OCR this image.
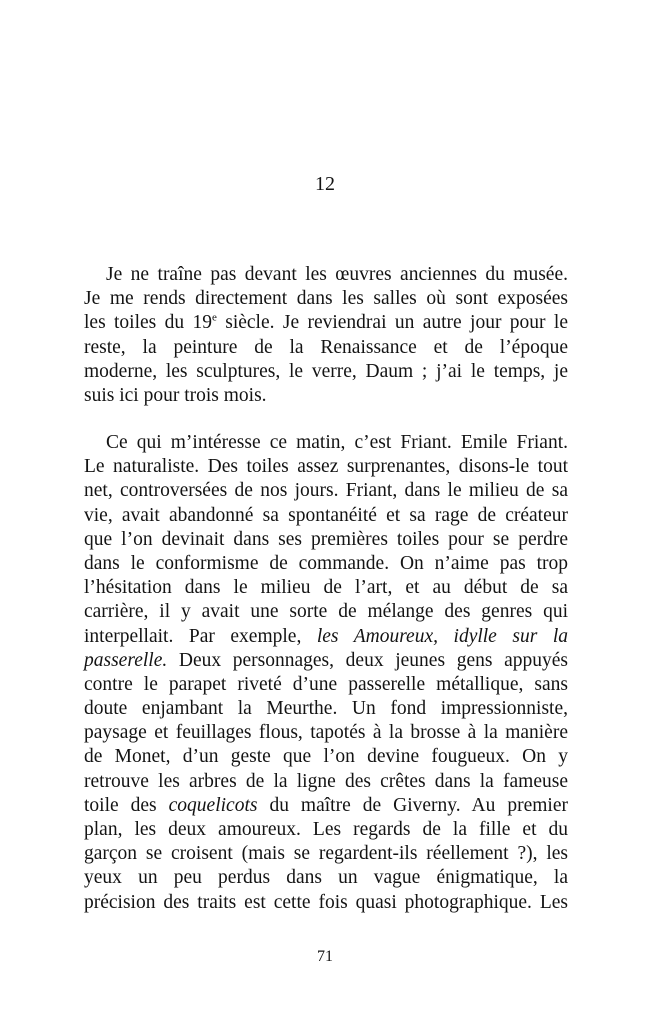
12
Je ne traîne pas devant les œuvres anciennes du musée.
Je me rends directement dans les salles où sont exposées
les toiles du 19e siècle. Je reviendrai un autre jour pour le
reste, la peinture de la Renaissance et de l’époque
moderne, les sculptures, le verre, Daum ; j’ai le temps, je
suis ici pour trois mois.
Ce qui m’intéresse ce matin, c’est Friant. Emile Friant.
Le naturaliste. Des toiles assez surprenantes, disons-le tout
net, controversées de nos jours. Friant, dans le milieu de sa
vie, avait abandonné sa spontanéité et sa rage de créateur
que l’on devinait dans ses premières toiles pour se perdre
dans le conformisme de commande. On n’aime pas trop
l’hésitation dans le milieu de l’art, et au début de sa
carrière, il y avait une sorte de mélange des genres qui
interpellait. Par exemple, les Amoureux, idylle sur la
passerelle. Deux personnages, deux jeunes gens appuyés
contre le parapet riveté d’une passerelle métallique, sans
doute enjambant la Meurthe. Un fond impressionniste,
paysage et feuillages flous, tapotés à la brosse à la manière
de Monet, d’un geste que l’on devine fougueux. On y
retrouve les arbres de la ligne des crêtes dans la fameuse
toile des coquelicots du maître de Giverny. Au premier
plan, les deux amoureux. Les regards de la fille et du
garçon se croisent (mais se regardent-ils réellement ?), les
yeux un peu perdus dans un vague énigmatique, la
précision des traits est cette fois quasi photographique. Les
71
